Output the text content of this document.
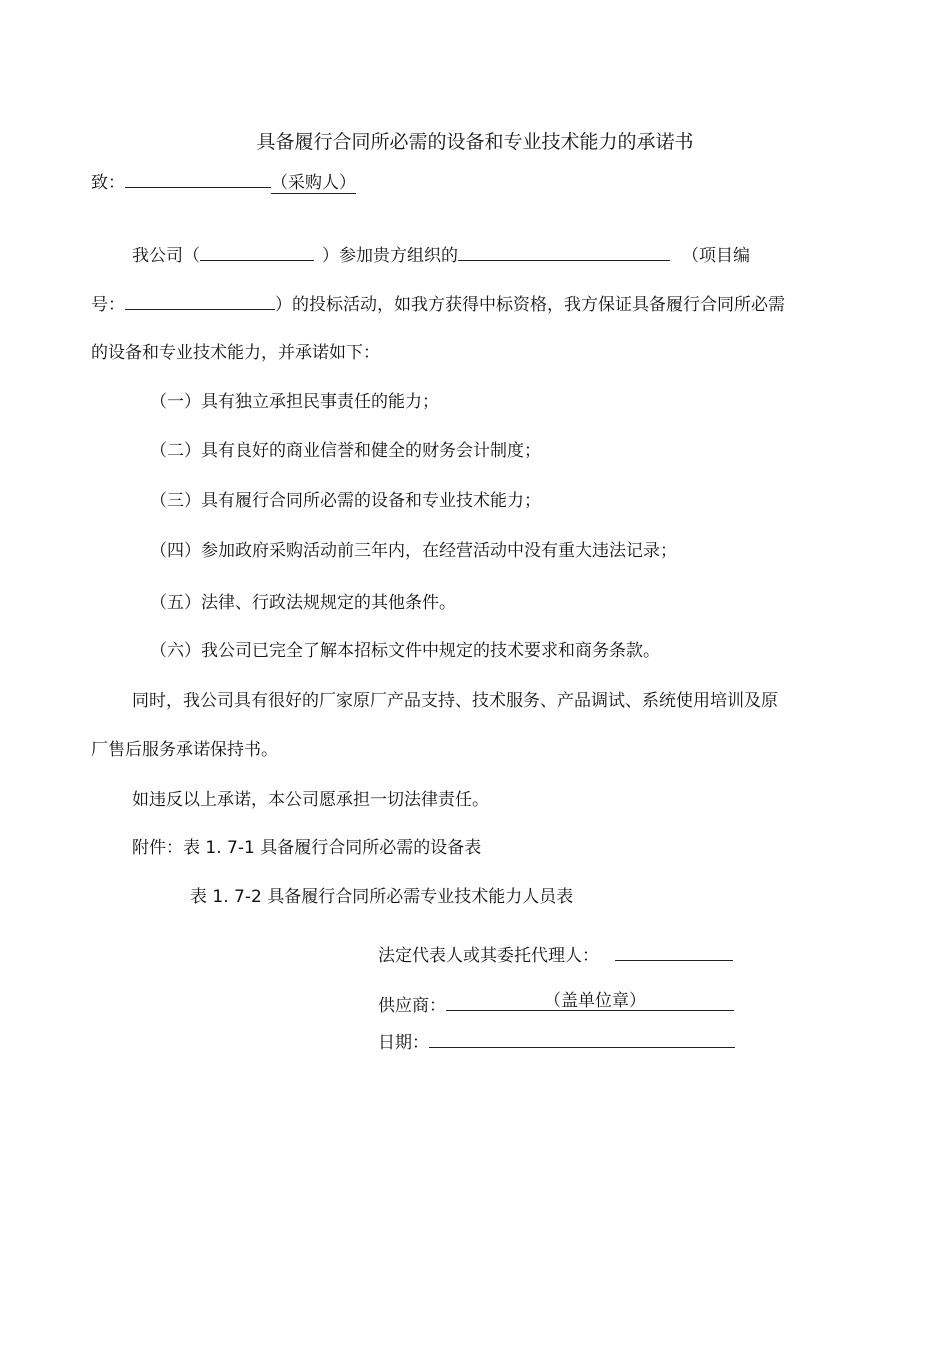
具备履行合同所必需的设备和专业技术能力的承诺书
致：	（采购人）
我公司（	）参加贵方组织的	（项目编
号：	）的投标活动，如我方获得中标资格，我方保证具备履行合同所必需
的设备和专业技术能力，并承诺如下：
（一）具有独立承担民事责任的能力；
（二）具有良好的商业信誉和健全的财务会计制度；
（三）具有履行合同所必需的设备和专业技术能力；
（四）参加政府采购活动前三年内，在经营活动中没有重大违法记录；
（五）法律、行政法规规定的其他条件。
（六）我公司已完全了解本招标文件中规定的技术要求和商务条款。
同时，我公司具有很好的厂家原厂产品支持、技术服务、产品调试、系统使用培训及原
厂售后服务承诺保持书。
如违反以上承诺，本公司愿承担一切法律责任。
附件：表 1. 7-1 具备履行合同所必需的设备表
表 1. 7-2 具备履行合同所必需专业技术能力人员表
法定代表人或其委托代理人：
供应商：	（盖单位章）
日期：
